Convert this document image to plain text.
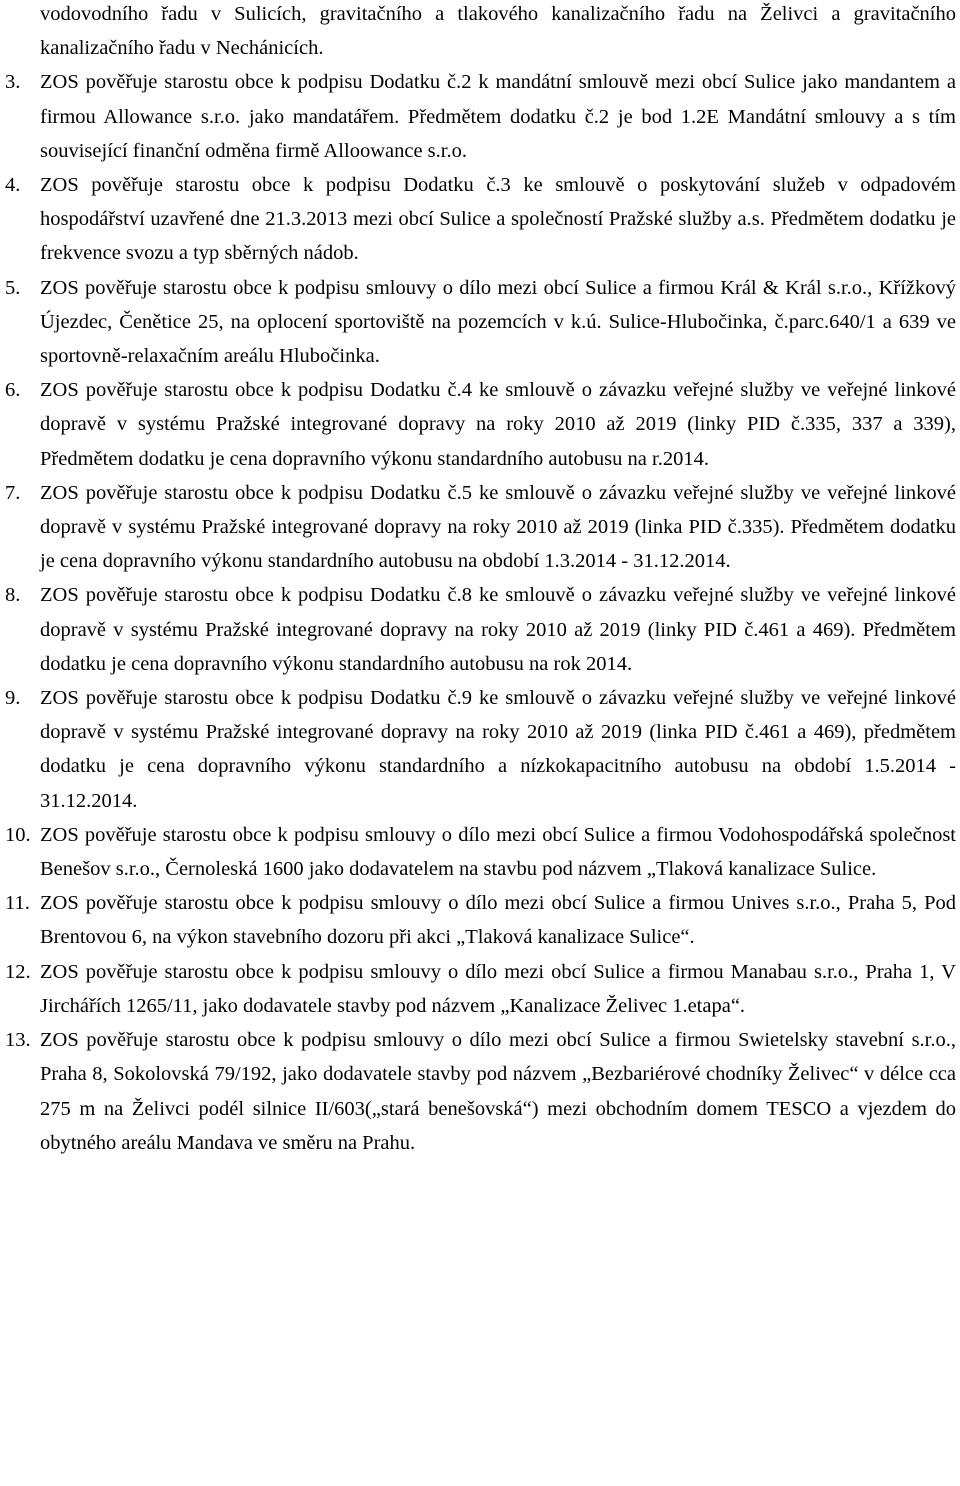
vodovodního řadu v Sulicích, gravitačního a tlakového kanalizačního řadu na Želivci a gravitačního kanalizačního řadu v Nechánicích.

3. ZOS pověřuje starostu obce k podpisu Dodatku č.2 k mandátní smlouvě mezi obcí Sulice jako mandantem a firmou Allowance s.r.o. jako mandatářem. Předmětem dodatku č.2 je bod 1.2E Mandátní smlouvy a s tím související finanční odměna firmě Alloowance s.r.o.
4. ZOS pověřuje starostu obce k podpisu Dodatku č.3 ke smlouvě o poskytování služeb v odpadovém hospodářství uzavřené dne 21.3.2013 mezi obcí Sulice a společností Pražské služby a.s. Předmětem dodatku je frekvence svozu a typ sběrných nádob.
5. ZOS pověřuje starostu obce k podpisu smlouvy o dílo mezi obcí Sulice a firmou Král & Král s.r.o., Křížkový Újezdec, Čenětice 25, na oplocení sportoviště na pozemcích v k.ú. Sulice-Hlubočinka, č.parc.640/1 a 639 ve sportovně-relaxačním areálu Hlubočinka.
6. ZOS pověřuje starostu obce k podpisu Dodatku č.4 ke smlouvě o závazku veřejné služby ve veřejné linkové dopravě v systému Pražské integrované dopravy na roky 2010 až 2019 (linky PID č.335, 337 a 339), Předmětem dodatku je cena dopravního výkonu standardního autobusu na r.2014.
7. ZOS pověřuje starostu obce k podpisu Dodatku č.5 ke smlouvě o závazku veřejné služby ve veřejné linkové dopravě v systému Pražské integrované dopravy na roky 2010 až 2019 (linka PID č.335). Předmětem dodatku je cena dopravního výkonu standardního autobusu na období 1.3.2014 - 31.12.2014.
8. ZOS pověřuje starostu obce k podpisu Dodatku č.8 ke smlouvě o závazku veřejné služby ve veřejné linkové dopravě v systému Pražské integrované dopravy na roky 2010 až 2019 (linky PID č.461 a 469). Předmětem dodatku je cena dopravního výkonu standardního autobusu na rok 2014.
9. ZOS pověřuje starostu obce k podpisu Dodatku č.9 ke smlouvě o závazku veřejné služby ve veřejné linkové dopravě v systému Pražské integrované dopravy na roky 2010 až 2019 (linka PID č.461 a 469), předmětem dodatku je cena dopravního výkonu standardního a nízkokapacitního autobusu na období 1.5.2014 - 31.12.2014.
10. ZOS pověřuje starostu obce k podpisu smlouvy o dílo mezi obcí Sulice a firmou Vodohospodářská společnost Benešov s.r.o., Černoleská 1600 jako dodavatelem na stavbu pod názvem „Tlaková kanalizace Sulice.
11. ZOS pověřuje starostu obce k podpisu smlouvy o dílo mezi obcí Sulice a firmou Unives s.r.o., Praha 5, Pod Brentovou 6, na výkon stavebního dozoru při akci „Tlaková kanalizace Sulice“.
12. ZOS pověřuje starostu obce k podpisu smlouvy o dílo mezi obcí Sulice a firmou Manabau s.r.o., Praha 1, V Jirchářích 1265/11, jako dodavatele stavby pod názvem „Kanalizace Želivec 1.etapa“.
13. ZOS pověřuje starostu obce k podpisu smlouvy o dílo mezi obcí Sulice a firmou Swietelsky stavební s.r.o., Praha 8, Sokolovská 79/192, jako dodavatele stavby pod názvem „Bezbariérové chodníky Želivec“ v délce cca 275 m na Želivci podél silnice II/603(„stará benešovská“) mezi obchodním domem TESCO a vjezdem do obytného areálu Mandava ve směru na Prahu.
